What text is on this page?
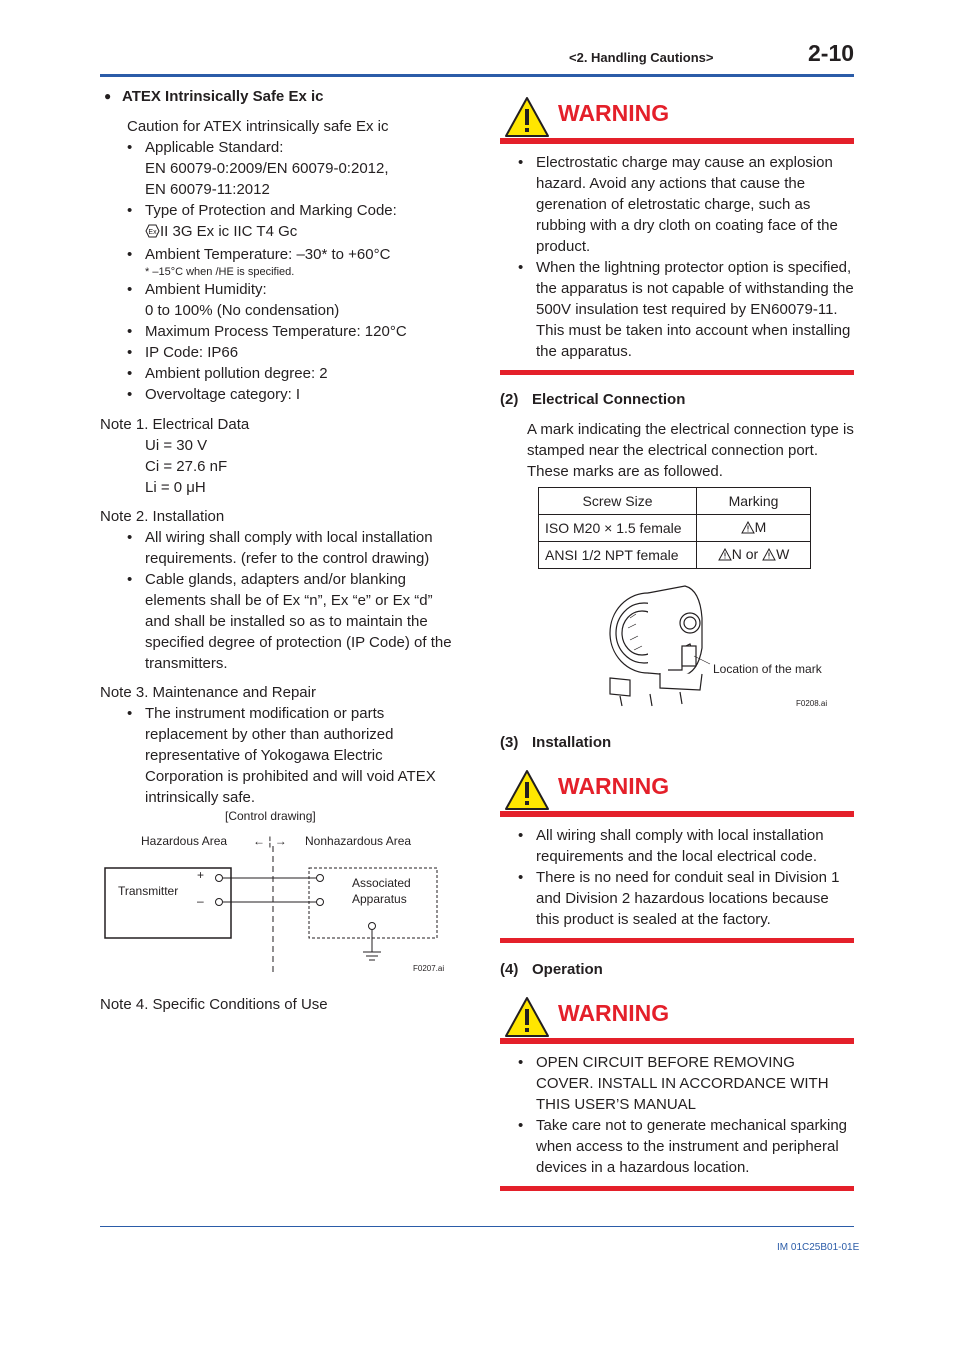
<2. Handling Cautions>	2-10
● ATEX Intrinsically Safe Ex ic
Caution for ATEX intrinsically safe Ex ic
• Applicable Standard:
EN 60079-0:2009/EN 60079-0:2012,
EN 60079-11:2012
• Type of Protection and Marking Code:
Ex II 3G Ex ic IIC T4 Gc
• Ambient Temperature: –30* to +60°C
* –15°C when /HE is specified.
• Ambient Humidity:
0 to 100% (No condensation)
• Maximum Process Temperature: 120°C
• IP Code: IP66
• Ambient pollution degree: 2
• Overvoltage category: I
Note 1. Electrical Data
Ui = 30 V
Ci = 27.6 nF
Li = 0 μH
Note 2. Installation
• All wiring shall comply with local installation requirements. (refer to the control drawing)
• Cable glands, adapters and/or blanking elements shall be of Ex “n”, Ex “e” or Ex “d” and shall be installed so as to maintain the specified degree of protection (IP Code) of the transmitters.
Note 3. Maintenance and Repair
• The instrument modification or parts replacement by other than authorized representative of Yokogawa Electric Corporation is prohibited and will void ATEX intrinsically safe.
[Control drawing]
Hazardous Area ← ¦ → Nonhazardous Area
Transmitter
+
–
Associated
Apparatus
F0207.ai
Note 4. Specific Conditions of Use
WARNING
• Electrostatic charge may cause an explosion hazard. Avoid any actions that cause the gerenation of eletrostatic charge, such as rubbing with a dry cloth on coating face of the product.
• When the lightning protector option is specified, the apparatus is not capable of withstanding the 500V insulation test required by EN60079-11. This must be taken into account when installing the apparatus.
(2) Electrical Connection
A mark indicating the electrical connection type is stamped near the electrical connection port. These marks are as followed.
Screw Size	Marking
ISO M20 × 1.5 female	M
ANSI 1/2 NPT female	N or W
Location of the mark
F0208.ai
(3) Installation
WARNING
• All wiring shall comply with local installation requirements and the local electrical code.
• There is no need for conduit seal in Division 1 and Division 2 hazardous locations because this product is sealed at the factory.
(4) Operation
WARNING
• OPEN CIRCUIT BEFORE REMOVING COVER. INSTALL IN ACCORDANCE WITH THIS USER’S MANUAL
• Take care not to generate mechanical sparking when access to the instrument and peripheral devices in a hazardous location.
IM 01C25B01-01E
